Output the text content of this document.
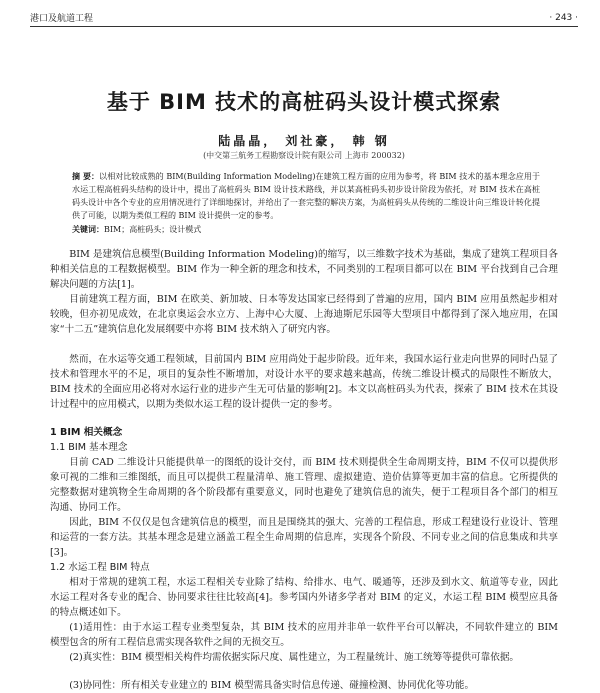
港口及航道工程	· 243 ·
基于 BIM 技术的高桩码头设计模式探索
陆晶晶， 刘社豪， 韩 钢
(中交第三航务工程勘察设计院有限公司 上海市 200032)
摘 要：以相对比较成熟的 BIM(Building Information Modeling)在建筑工程方面的应用为参考，将 BIM 技术的基本理念应用于水运工程高桩码头结构的设计中，提出了高桩码头 BIM 设计技术路线，并以某高桩码头初步设计阶段为依托，对 BIM 技术在高桩码头设计中各个专业的应用情况进行了详细地探讨，并给出了一套完整的解决方案，为高桩码头从传统的二维设计向三维设计转化提供了可能，以期为类似工程的 BIM 设计提供一定的参考。
关键词：BIM；高桩码头；设计模式

BIM 是建筑信息模型(Building Information Modeling)的缩写，以三维数字技术为基础，集成了建筑工程项目各种相关信息的工程数据模型。BIM 作为一种全新的理念和技术，不同类别的工程项目都可以在 BIM 平台找到自己合理解决问题的方法[1]。

目前建筑工程方面，BIM 在欧美、新加坡、日本等发达国家已经得到了普遍的应用，国内 BIM 应用虽然起步相对较晚，但亦初见成效，在北京奥运会水立方、上海中心大厦、上海迪斯尼乐园等大型项目中都得到了深入地应用，在国家“十二五”建筑信息化发展纲要中亦将 BIM 技术纳入了研究内容。

然而，在水运等交通工程领域，目前国内 BIM 应用尚处于起步阶段。近年来，我国水运行业走向世界的同时凸显了技术和管理水平的不足，项目的复杂性不断增加，对设计水平的要求越来越高，传统二维设计模式的局限性不断放大，BIM 技术的全面应用必将对水运行业的进步产生无可估量的影响[2]。本文以高桩码头为代表，探索了 BIM 技术在其设计过程中的应用模式，以期为类似水运工程的设计提供一定的参考。

1 BIM 相关概念
1.1 BIM 基本理念

目前 CAD 二维设计只能提供单一的图纸的设计交付，而 BIM 技术则提供全生命周期支持，BIM 不仅可以提供形象可视的二维和三维图纸，而且可以提供工程量清单、施工管理、虚拟建造、造价估算等更加丰富的信息。它所提供的完整数据对建筑物全生命周期的各个阶段都有重要意义，同时也避免了建筑信息的流失，便于工程项目各个部门的相互沟通、协同工作。

因此，BIM 不仅仅是包含建筑信息的模型，而且是围绕其的强大、完善的工程信息，形成工程建设行业设计、管理和运营的一套方法。其基本理念是建立涵盖工程全生命周期的信息库，实现各个阶段、不同专业之间的信息集成和共享[3]。

1.2 水运工程 BIM 特点

相对于常规的建筑工程，水运工程相关专业除了结构、给排水、电气、暖通等，还涉及到水文、航道等专业，因此水运工程对各专业的配合、协同要求往往比较高[4]。参考国内外诸多学者对 BIM 的定义，水运工程 BIM 模型应具备的特点概述如下。

(1)适用性：由于水运工程专业类型复杂，其 BIM 技术的应用并非单一软件平台可以解决，不同软件建立的 BIM 模型包含的所有工程信息需实现各软件之间的无损交互。

(2)真实性：BIM 模型相关构件均需依据实际尺度、属性建立，为工程量统计、施工统筹等提供可靠依据。

(3)协同性：所有相关专业建立的 BIM 模型需具备实时信息传递、碰撞检测、协同优化等功能。
